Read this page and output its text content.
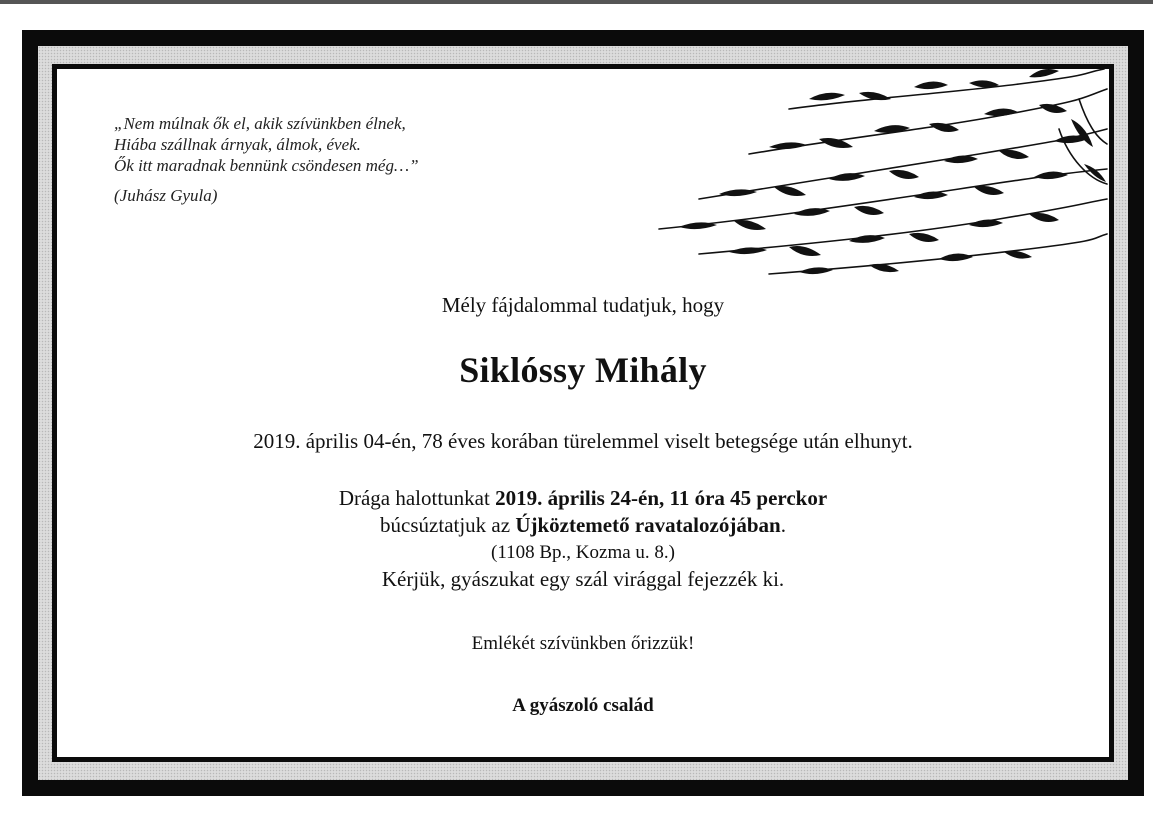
„Nem múlnak ők el, akik szívünkben élnek,
Hiába szállnak árnyak, álmok, évek.
Ők itt maradnak bennünk csöndesen még…”
(Juhász Gyula)
Mély fájdalommal tudatjuk, hogy
Siklóssy Mihály
2019. április 04-én, 78 éves korában türelemmel viselt betegsége után elhunyt.
Drága halottunkat 2019. április 24-én, 11 óra 45 perckor
búcsúztatjuk az Újköztemető ravatalozójában.
(1108 Bp., Kozma u. 8.)
Kérjük, gyászukat egy szál virággal fejezzék ki.
Emlékét szívünkben őrizzük!
A gyászoló család
